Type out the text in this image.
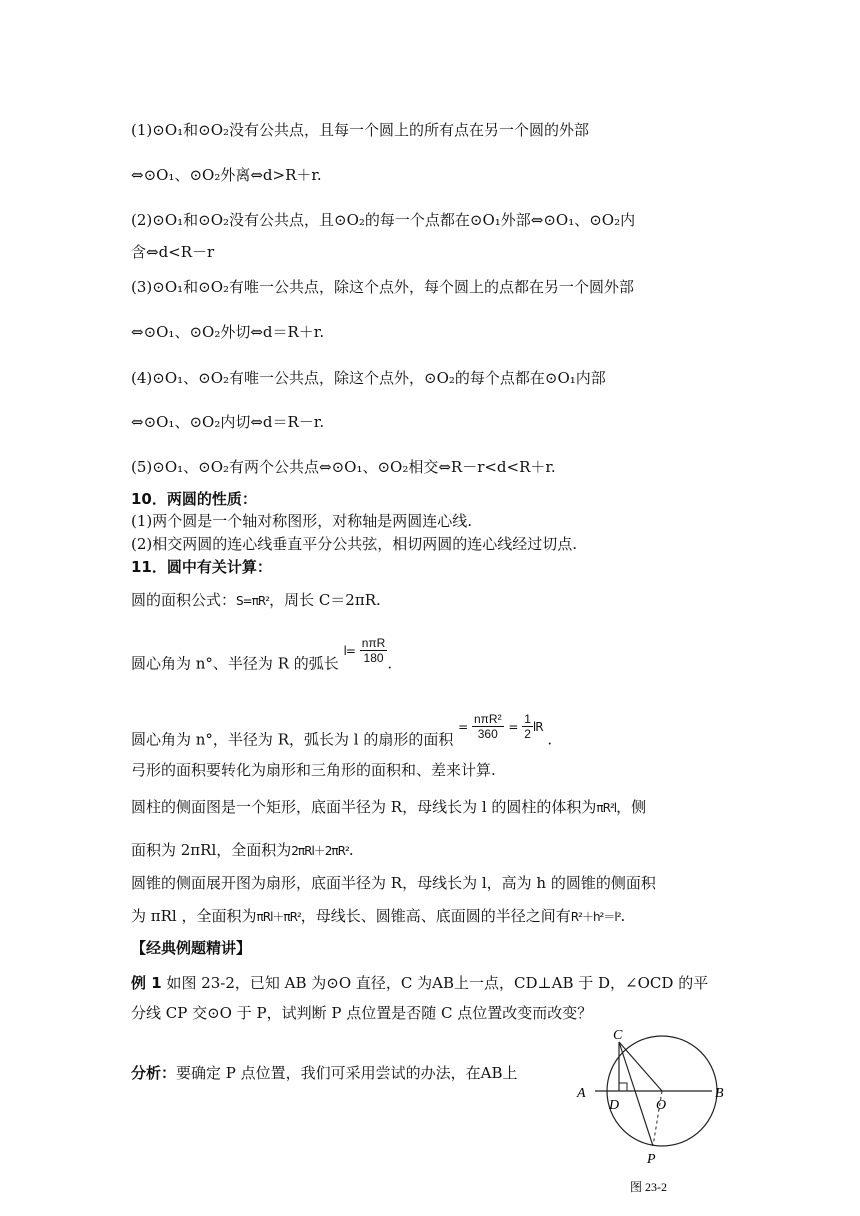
(1)⊙O₁和⊙O₂没有公共点，且每一个圆上的所有点在另一个圆的外部
⇔⊙O₁、⊙O₂外离⇔d>R＋r.
(2)⊙O₁和⊙O₂没有公共点，且⊙O₂的每一个点都在⊙O₁外部⇔⊙O₁、⊙O₂内
含⇔d<R－r
(3)⊙O₁和⊙O₂有唯一公共点，除这个点外，每个圆上的点都在另一个圆外部
⇔⊙O₁、⊙O₂外切⇔d＝R＋r.
(4)⊙O₁、⊙O₂有唯一公共点，除这个点外，⊙O₂的每个点都在⊙O₁内部
⇔⊙O₁、⊙O₂内切⇔d＝R－r.
(5)⊙O₁、⊙O₂有两个公共点⇔⊙O₁、⊙O₂相交⇔R－r<d<R＋r.
10．两圆的性质：
(1)两个圆是一个轴对称图形，对称轴是两圆连心线.
(2)相交两圆的连心线垂直平分公共弦，相切两圆的连心线经过切点.
11．圆中有关计算：
圆的面积公式：S=πR²，周长 C＝2πR.
圆心角为 n°、半径为 R 的弧长 $^{l=} \frac{\text{nπR}}{180}$ .
圆心角为 n°，半径为 R，弧长为 l 的扇形的面积 = $\frac{\text{nπR²}}{360} = \frac{1}{2}$ lR .
弓形的面积要转化为扇形和三角形的面积和、差来计算.
圆柱的侧面图是一个矩形，底面半径为 R，母线长为 l 的圆柱的体积为πR²l，侧
面积为 2πRl，全面积为2πRl＋2πR².
圆锥的侧面展开图为扇形，底面半径为 R，母线长为 l，高为 h 的圆锥的侧面积
为 πRl ，全面积为πRl＋πR²，母线长、圆锥高、底面圆的半径之间有R²＋h²＝l².
【经典例题精讲】
例 1 如图 23-2，已知 AB 为⊙O 直径，C 为AB上一点，CD⊥AB 于 D，∠OCD 的平
分线 CP 交⊙O 于 P，试判断 P 点位置是否随 C 点位置改变而改变？
分析：要确定 P 点位置，我们可采用尝试的办法，在AB上
C
A
D	O
B
P
图 23-2
